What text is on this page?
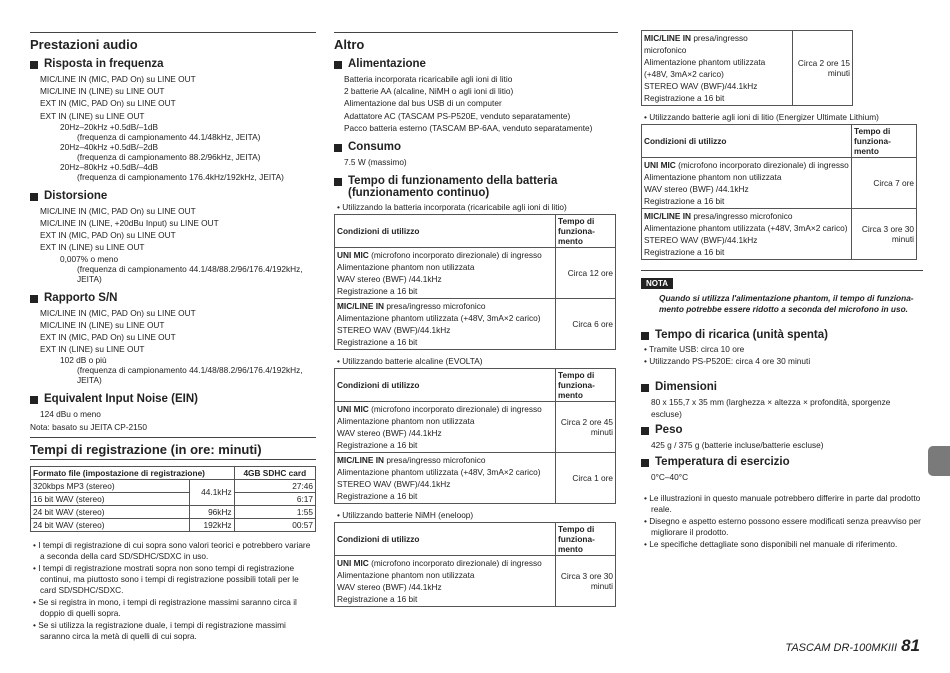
Prestazioni audio
Risposta in frequenza
MIC/LINE IN (MIC, PAD On) su LINE OUT
MIC/LINE IN (LINE) su LINE OUT
EXT IN (MIC, PAD On) su LINE OUT
EXT IN (LINE) su LINE OUT
20Hz–20kHz +0.5dB/–1dB
(frequenza di campionamento 44.1/48kHz, JEITA)
20Hz–40kHz +0.5dB/–2dB
(frequenza di campionamento 88.2/96kHz, JEITA)
20Hz–80kHz +0.5dB/–4dB
(frequenza di campionamento 176.4kHz/192kHz, JEITA)
Distorsione
MIC/LINE IN (MIC, PAD On) su LINE OUT
MIC/LINE IN (LINE, +20dBu Input) su LINE OUT
EXT IN (MIC, PAD On) su LINE OUT
EXT IN (LINE) su LINE OUT
0,007% o meno
(frequenza di campionamento 44.1/48/88.2/96/176.4/192kHz, JEITA)
Rapporto S/N
MIC/LINE IN (MIC, PAD On) su LINE OUT
MIC/LINE IN (LINE) su LINE OUT
EXT IN (MIC, PAD On) su LINE OUT
EXT IN (LINE) su LINE OUT
102 dB o più
(frequenza di campionamento 44.1/48/88.2/96/176.4/192kHz, JEITA)
Equivalent Input Noise (EIN)
124 dBu o meno
Nota: basato su JEITA CP-2150
Tempi di registrazione (in ore: minuti)
Formato file (impostazione di registrazione)		4GB SDHC card
320kbps MP3 (stereo)	44.1kHz	27:46
16 bit WAV (stereo)		6:17
24 bit WAV (stereo)	96kHz	1:55
24 bit WAV (stereo)	192kHz	00:57
• I tempi di registrazione di cui sopra sono valori teorici e potrebbero variare a seconda della card SD/SDHC/SDXC in uso.
• I tempi di registrazione mostrati sopra non sono tempi di registrazione continui, ma piuttosto sono i tempi di registrazione possibili totali per le card SD/SDHC/SDXC.
• Se si registra in mono, i tempi di registrazione massimi saranno circa il doppio di quelli sopra.
• Se si utilizza la registrazione duale, i tempi di registrazione massimi saranno circa la metà di quelli di cui sopra.
Altro
Alimentazione
Batteria incorporata ricaricabile agli ioni di litio
2 batterie AA (alcaline, NiMH o agli ioni di litio)
Alimentazione dal bus USB di un computer
Adattatore AC (TASCAM PS-P520E, venduto separatamente)
Pacco batteria esterno (TASCAM BP-6AA, venduto separatamente)
Consumo
7.5 W (massimo)
Tempo di funzionamento della batteria
(funzionamento continuo)
• Utilizzando la batteria incorporata (ricaricabile agli ioni di litio)
Condizioni di utilizzo	Tempo di funziona-mento
UNI MIC (microfono incorporato direzionale) di ingresso
Alimentazione phantom non utilizzata
WAV stereo (BWF) /44.1kHz
Registrazione a 16 bit	Circa 12 ore
MIC/LINE IN presa/ingresso microfonico
Alimentazione phantom utilizzata (+48V, 3mA×2 carico)
STEREO WAV (BWF)/44.1kHz
Registrazione a 16 bit	Circa 6 ore
• Utilizzando batterie alcaline (EVOLTA)
Condizioni di utilizzo	Tempo di funziona-mento
UNI MIC (microfono incorporato direzionale) di ingresso
Alimentazione phantom non utilizzata
WAV stereo (BWF) /44.1kHz
Registrazione a 16 bit	Circa 2 ore 45 minuti
MIC/LINE IN presa/ingresso microfonico
Alimentazione phantom utilizzata (+48V, 3mA×2 carico)
STEREO WAV (BWF)/44.1kHz
Registrazione a 16 bit	Circa 1 ore
• Utilizzando batterie NiMH (eneloop)
Condizioni di utilizzo	Tempo di funziona-mento
UNI MIC (microfono incorporato direzionale) di ingresso
Alimentazione phantom non utilizzata
WAV stereo (BWF) /44.1kHz
Registrazione a 16 bit	Circa 3 ore 30 minuti
MIC/LINE IN presa/ingresso microfonico
Alimentazione phantom utilizzata (+48V, 3mA×2 carico)
STEREO WAV (BWF)/44.1kHz
Registrazione a 16 bit	Circa 2 ore 15 minuti
• Utilizzando batterie agli ioni di litio (Energizer Ultimate Lithium)
Condizioni di utilizzo	Tempo di funziona-mento
UNI MIC (microfono incorporato direzionale) di ingresso
Alimentazione phantom non utilizzata
WAV stereo (BWF) /44.1kHz
Registrazione a 16 bit	Circa 7 ore
MIC/LINE IN presa/ingresso microfonico
Alimentazione phantom utilizzata (+48V, 3mA×2 carico)
STEREO WAV (BWF)/44.1kHz
Registrazione a 16 bit	Circa 3 ore 30 minuti
NOTA
Quando si utilizza l'alimentazione phantom, il tempo di funziona-mento potrebbe essere ridotto a seconda del microfono in uso.
Tempo di ricarica (unità spenta)
• Tramite USB: circa 10 ore
• Utilizzando PS-P520E: circa 4 ore 30 minuti
Dimensioni
80 x 155,7 x 35 mm (larghezza × altezza × profondità, sporgenze escluse)
Peso
425 g / 375 g (batterie incluse/batterie escluse)
Temperatura di esercizio
0°C–40°C
• Le illustrazioni in questo manuale potrebbero differire in parte dal prodotto reale.
• Disegno e aspetto esterno possono essere modificati senza preavviso per migliorare il prodotto.
• Le specifiche dettagliate sono disponibili nel manuale di riferimento.
TASCAM DR-100MKIII 81
